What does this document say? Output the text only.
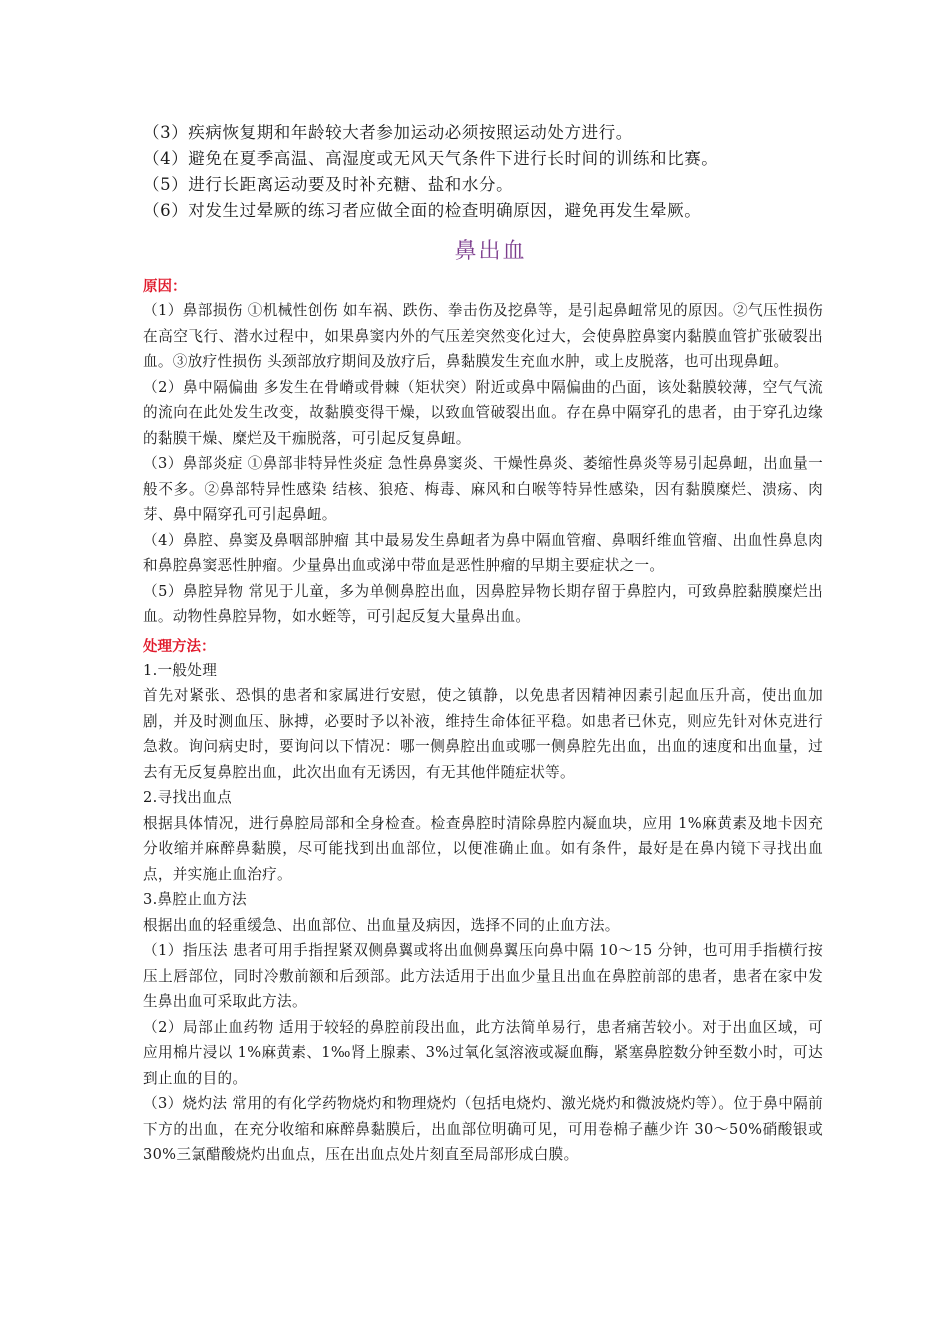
（3）疾病恢复期和年龄较大者参加运动必须按照运动处方进行。

（4）避免在夏季高温、高湿度或无风天气条件下进行长时间的训练和比赛。

（5）进行长距离运动要及时补充糖、盐和水分。

（6）对发生过晕厥的练习者应做全面的检查明确原因，避免再发生晕厥。

鼻出血
原因：

（1）鼻部损伤 ①机械性创伤 如车祸、跌伤、拳击伤及挖鼻等，是引起鼻衄常见的原因。②气压性损伤 在高空飞行、潜水过程中，如果鼻窦内外的气压差突然变化过大，会使鼻腔鼻窦内黏膜血管扩张破裂出血。③放疗性损伤 头颈部放疗期间及放疗后，鼻黏膜发生充血水肿，或上皮脱落，也可出现鼻衄。

（2）鼻中隔偏曲 多发生在骨嵴或骨棘（矩状突）附近或鼻中隔偏曲的凸面，该处黏膜较薄，空气气流的流向在此处发生改变，故黏膜变得干燥，以致血管破裂出血。存在鼻中隔穿孔的患者，由于穿孔边缘的黏膜干燥、糜烂及干痂脱落，可引起反复鼻衄。

（3）鼻部炎症 ①鼻部非特异性炎症 急性鼻鼻窦炎、干燥性鼻炎、萎缩性鼻炎等易引起鼻衄，出血量一般不多。②鼻部特异性感染 结核、狼疮、梅毒、麻风和白喉等特异性感染，因有黏膜糜烂、溃疡、肉芽、鼻中隔穿孔可引起鼻衄。

（4）鼻腔、鼻窦及鼻咽部肿瘤 其中最易发生鼻衄者为鼻中隔血管瘤、鼻咽纤维血管瘤、出血性鼻息肉和鼻腔鼻窦恶性肿瘤。少量鼻出血或涕中带血是恶性肿瘤的早期主要症状之一。

（5）鼻腔异物 常见于儿童，多为单侧鼻腔出血，因鼻腔异物长期存留于鼻腔内，可致鼻腔黏膜糜烂出血。动物性鼻腔异物，如水蛭等，可引起反复大量鼻出血。

处理方法：

1.一般处理

首先对紧张、恐惧的患者和家属进行安慰，使之镇静，以免患者因精神因素引起血压升高，使出血加剧，并及时测血压、脉搏，必要时予以补液，维持生命体征平稳。如患者已休克，则应先针对休克进行急救。询问病史时，要询问以下情况：哪一侧鼻腔出血或哪一侧鼻腔先出血，出血的速度和出血量，过去有无反复鼻腔出血，此次出血有无诱因，有无其他伴随症状等。

2.寻找出血点

根据具体情况，进行鼻腔局部和全身检查。检查鼻腔时清除鼻腔内凝血块，应用 1%麻黄素及地卡因充分收缩并麻醉鼻黏膜，尽可能找到出血部位，以便准确止血。如有条件，最好是在鼻内镜下寻找出血点，并实施止血治疗。

3.鼻腔止血方法

根据出血的轻重缓急、出血部位、出血量及病因，选择不同的止血方法。

（1）指压法 患者可用手指捏紧双侧鼻翼或将出血侧鼻翼压向鼻中隔 10～15 分钟，也可用手指横行按压上唇部位，同时冷敷前额和后颈部。此方法适用于出血少量且出血在鼻腔前部的患者，患者在家中发生鼻出血可采取此方法。

（2）局部止血药物 适用于较轻的鼻腔前段出血，此方法简单易行，患者痛苦较小。对于出血区域，可应用棉片浸以 1%麻黄素、1‰肾上腺素、3%过氧化氢溶液或凝血酶，紧塞鼻腔数分钟至数小时，可达到止血的目的。

（3）烧灼法 常用的有化学药物烧灼和物理烧灼（包括电烧灼、激光烧灼和微波烧灼等）。位于鼻中隔前下方的出血，在充分收缩和麻醉鼻黏膜后，出血部位明确可见，可用卷棉子蘸少许 30～50%硝酸银或 30%三氯醋酸烧灼出血点，压在出血点处片刻直至局部形成白膜。
